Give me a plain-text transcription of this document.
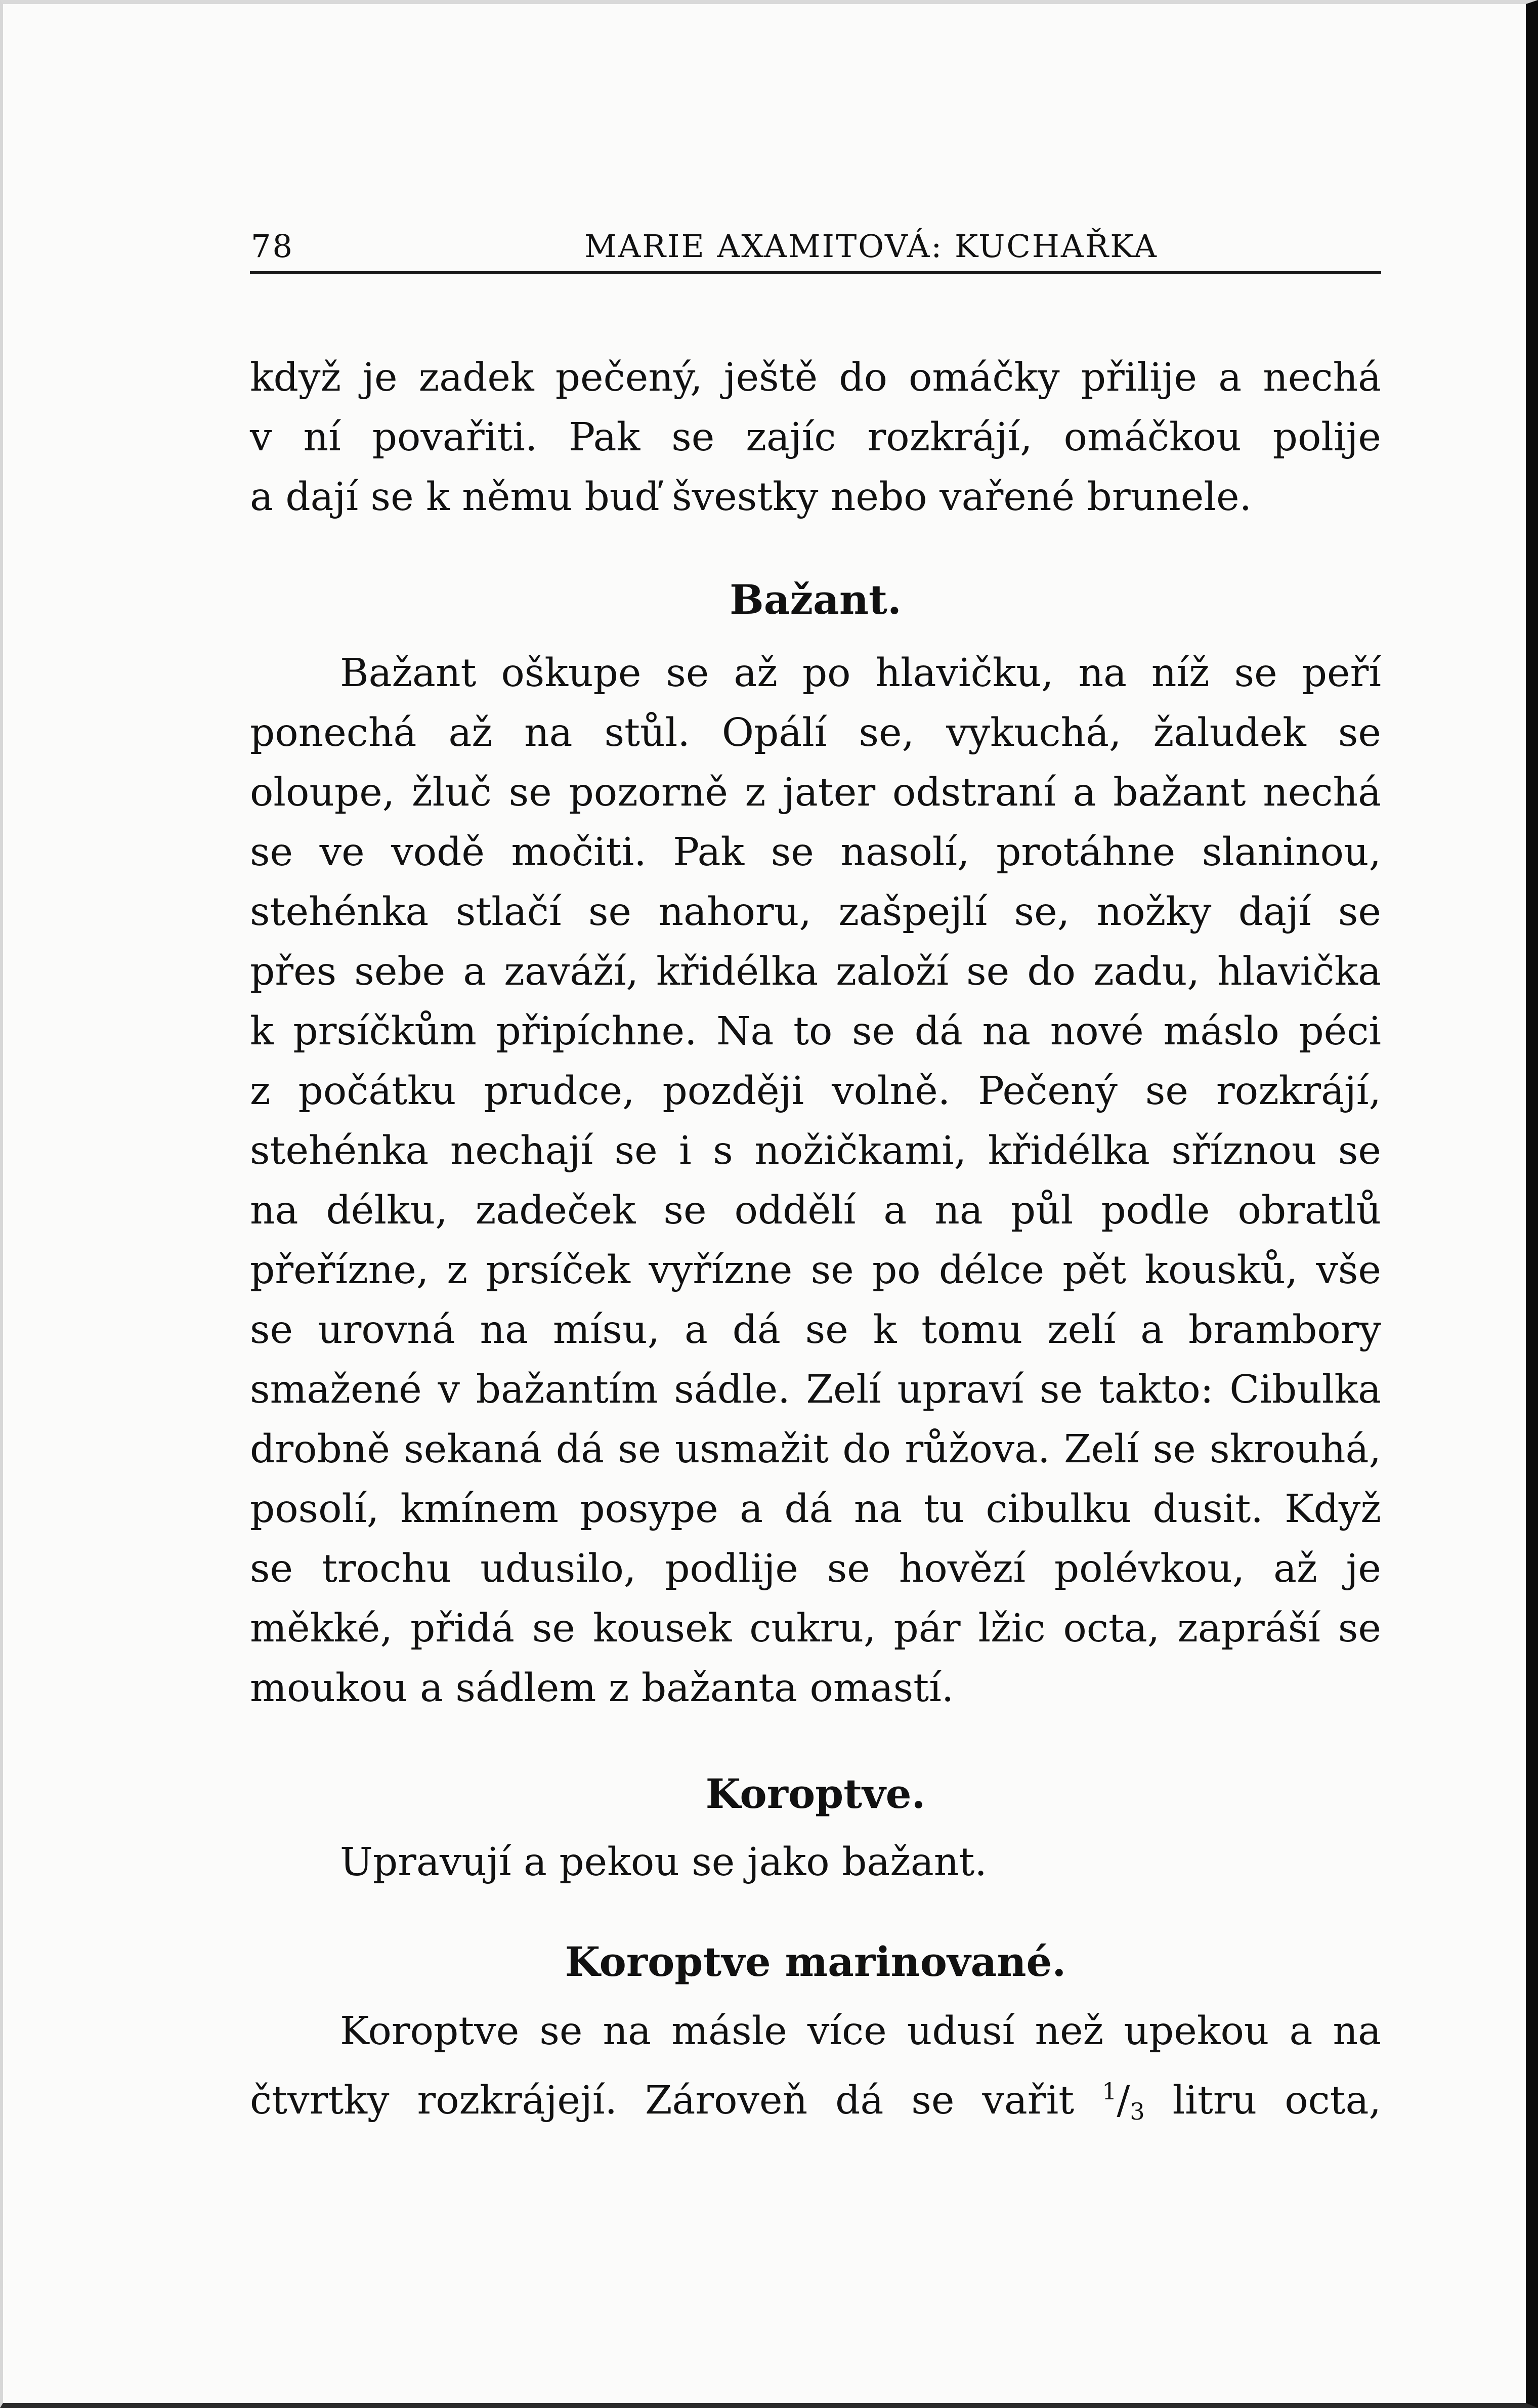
78	MARIE AXAMITOVÁ: KUCHAŘKA

když je zadek pečený, ještě do omáčky přilije a nechá

v ní povařiti. Pak se zajíc rozkrájí, omáčkou polije

a dají se k němu buď švestky nebo vařené brunele.

Bažant.

Bažant oškupe se až po hlavičku, na níž se peří

ponechá až na stůl. Opálí se, vykuchá, žaludek se

oloupe, žluč se pozorně z jater odstraní a bažant nechá

se ve vodě močiti. Pak se nasolí, protáhne slaninou,

stehénka stlačí se nahoru, zašpejlí se, nožky dají se

přes sebe a zaváží, křidélka založí se do zadu, hlavička

k prsíčkům připíchne. Na to se dá na nové máslo péci

z počátku prudce, později volně. Pečený se rozkrájí,

stehénka nechají se i s nožičkami, křidélka sříznou se

na délku, zadeček se oddělí a na půl podle obratlů

přeřízne, z prsíček vyřízne se po délce pět kousků, vše

se urovná na mísu, a dá se k tomu zelí a brambory

smažené v bažantím sádle. Zelí upraví se takto: Cibulka

drobně sekaná dá se usmažit do růžova. Zelí se skrouhá,

posolí, kmínem posype a dá na tu cibulku dusit. Když

se trochu udusilo, podlije se hovězí polévkou, až je

měkké, přidá se kousek cukru, pár lžic octa, zapráší se

moukou a sádlem z bažanta omastí.

Koroptve.

Upravují a pekou se jako bažant.

Koroptve marinované.

Koroptve se na másle více udusí než upekou a na

čtvrtky rozkrájejí. Zároveň dá se vařit $^1/_3$ litru octa,
